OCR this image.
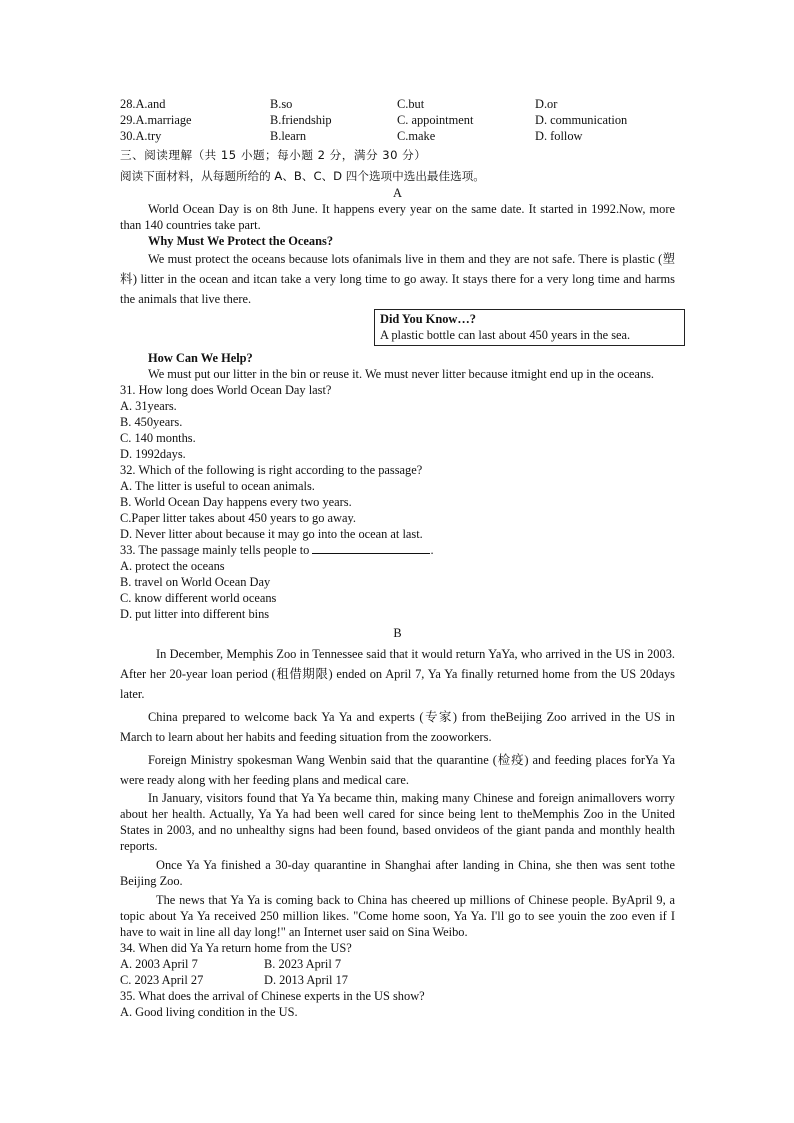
28.A.and	B.so	C.but	D.or
29.A.marriage	B.friendship	C. appointment	D. communication
30.A.try	B.learn	C.make	D. follow
三、阅读理解（共 15 小题；每小题 2 分，满分 30 分）
阅读下面材料，从每题所给的 A、B、C、D 四个选项中选出最佳选项。
A
World Ocean Day is on 8th June. It happens every year on the same date. It started in 1992.Now, more than 140 countries take part.
Why Must We Protect the Oceans?
We must protect the oceans because lots ofanimals live in them and they are not safe. There is plastic (塑料) litter in the ocean and itcan take a very long time to go away. It stays there for a very long time and harms the animals that live there.
Did You Know…?
A plastic bottle can last about 450 years in the sea.
How Can We Help?
We must put our litter in the bin or reuse it. We must never litter because itmight end up in the oceans.
31. How long does World Ocean Day last?
A. 31years.
B. 450years.
C. 140 months.
D. 1992days.
32. Which of the following is right according to the passage?
A. The litter is useful to ocean animals.
B. World Ocean Day happens every two years.
C.Paper litter takes about 450 years to go away.
D. Never litter about because it may go into the ocean at last.
33. The passage mainly tells people to	.
A. protect the oceans
B. travel on World Ocean Day
C. know different world oceans
D. put litter into different bins
B
In December, Memphis Zoo in Tennessee said that it would return YaYa, who arrived in the US in 2003. After her 20-year loan period (租借期限) ended on April 7, Ya Ya finally returned home from the US 20days later.
China prepared to welcome back Ya Ya and experts (专家) from theBeijing Zoo arrived in the US in March to learn about her habits and feeding situation from the zooworkers.
Foreign Ministry spokesman Wang Wenbin said that the quarantine (检疫) and feeding places forYa Ya were ready along with her feeding plans and medical care.
In January, visitors found that Ya Ya became thin, making many Chinese and foreign animallovers worry about her health. Actually, Ya Ya had been well cared for since being lent to theMemphis Zoo in the United States in 2003, and no unhealthy signs had been found, based onvideos of the giant panda and monthly health reports.
Once Ya Ya finished a 30-day quarantine in Shanghai after landing in China, she then was sent tothe Beijing Zoo.
The news that Ya Ya is coming back to China has cheered up millions of Chinese people. ByApril 9, a topic about Ya Ya received 250 million likes. "Come home soon, Ya Ya. I'll go to see youin the zoo even if I have to wait in line all day long!" an Internet user said on Sina Weibo.
34. When did Ya Ya return home from the US?
A. 2003 April 7	B. 2023 April 7
C. 2023 April 27	D. 2013 April 17
35. What does the arrival of Chinese experts in the US show?
A. Good living condition in the US.
